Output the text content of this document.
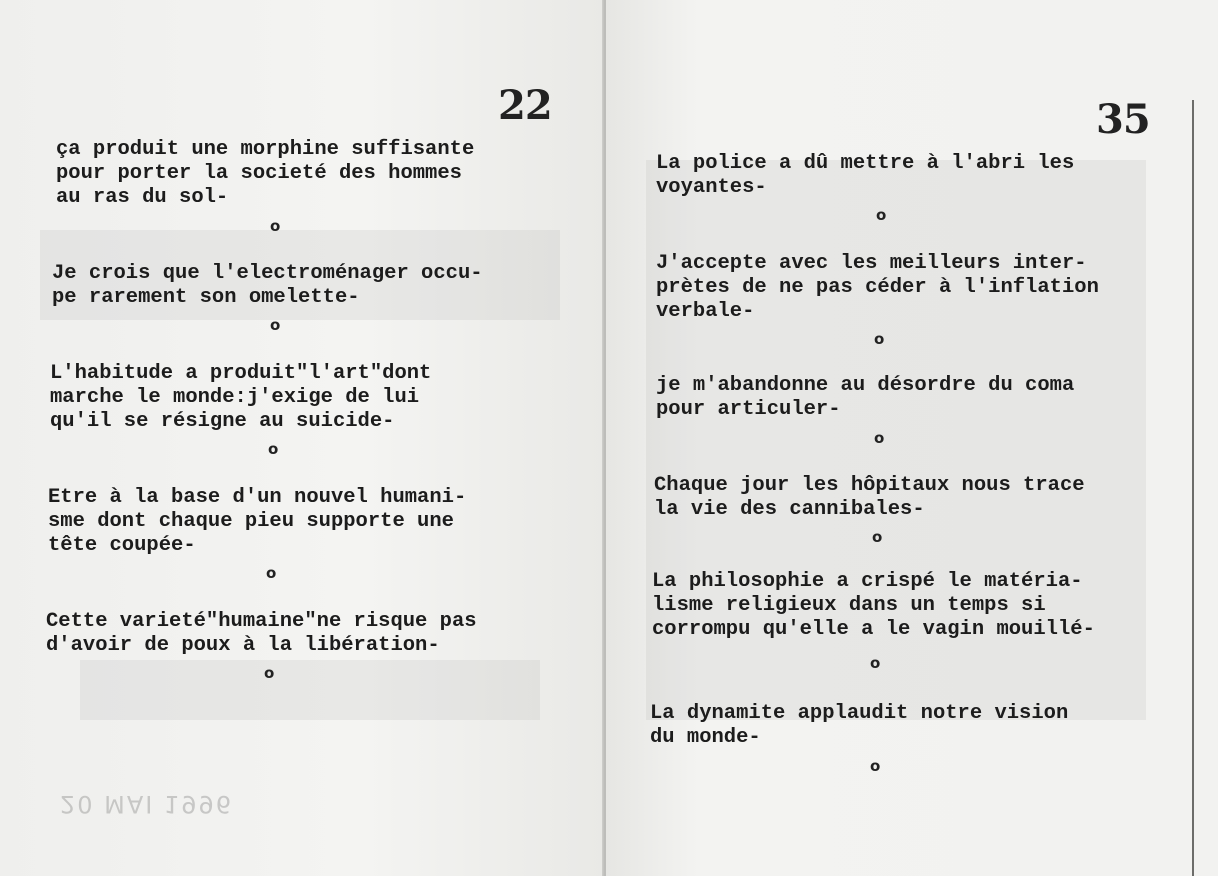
22
ça produit une morphine suffisante
pour porter la societé des hommes
au ras du sol-
o
Je crois que l'electroménager occu-
pe rarement son omelette-
o
L'habitude a produit"l'art"dont
marche le monde:j'exige de lui
qu'il se résigne au suicide-
o
Etre à la base d'un nouvel humani-
sme dont chaque pieu supporte une
tête coupée-
o
Cette varieté"humaine"ne risque pas
d'avoir de poux à la libération-
o
20 MAI 1996
35
La police a dû mettre à l'abri les
voyantes-
o
J'accepte avec les meilleurs inter-
prètes de ne pas céder à l'inflation
verbale-
o
je m'abandonne au désordre du coma
pour articuler-
o
Chaque jour les hôpitaux nous trace
la vie des cannibales-
o
La philosophie a crispé le matéria-
lisme religieux dans un temps si
corrompu qu'elle a le vagin mouillé-
o
La dynamite applaudit notre vision
du monde-
o
